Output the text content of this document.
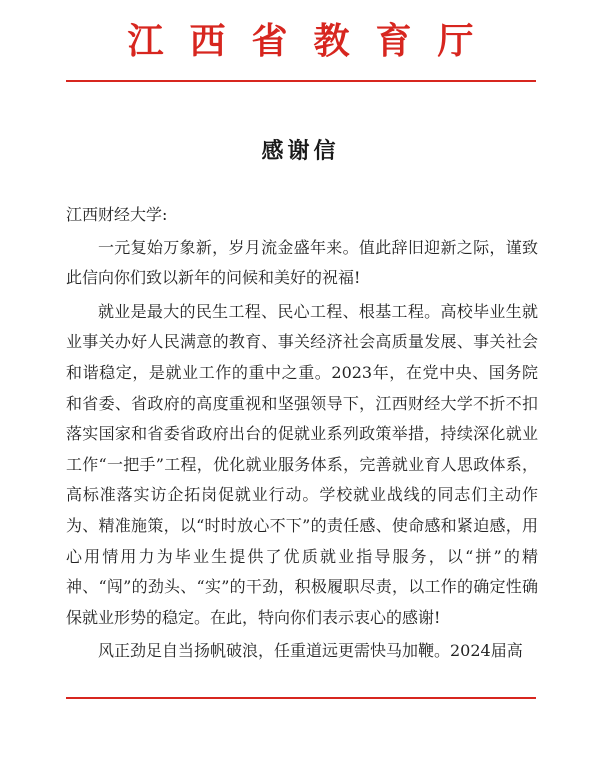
江西省教育厅
感谢信

江西财经大学:

一元复始万象新，岁月流金盛年来。值此辞旧迎新之际，谨致此信向你们致以新年的问候和美好的祝福!

就业是最大的民生工程、民心工程、根基工程。高校毕业生就业事关办好人民满意的教育、事关经济社会高质量发展、事关社会和谐稳定，是就业工作的重中之重。2023年，在党中央、国务院和省委、省政府的高度重视和坚强领导下，江西财经大学不折不扣落实国家和省委省政府出台的促就业系列政策举措，持续深化就业工作“一把手”工程，优化就业服务体系，完善就业育人思政体系，高标准落实访企拓岗促就业行动。学校就业战线的同志们主动作为、精准施策，以“时时放心不下”的责任感、使命感和紧迫感，用心用情用力为毕业生提供了优质就业指导服务，以“拼”的精神、“闯”的劲头、“实”的干劲，积极履职尽责，以工作的确定性确保就业形势的稳定。在此，特向你们表示衷心的感谢!

风正劲足自当扬帆破浪，任重道远更需快马加鞭。2024届高
